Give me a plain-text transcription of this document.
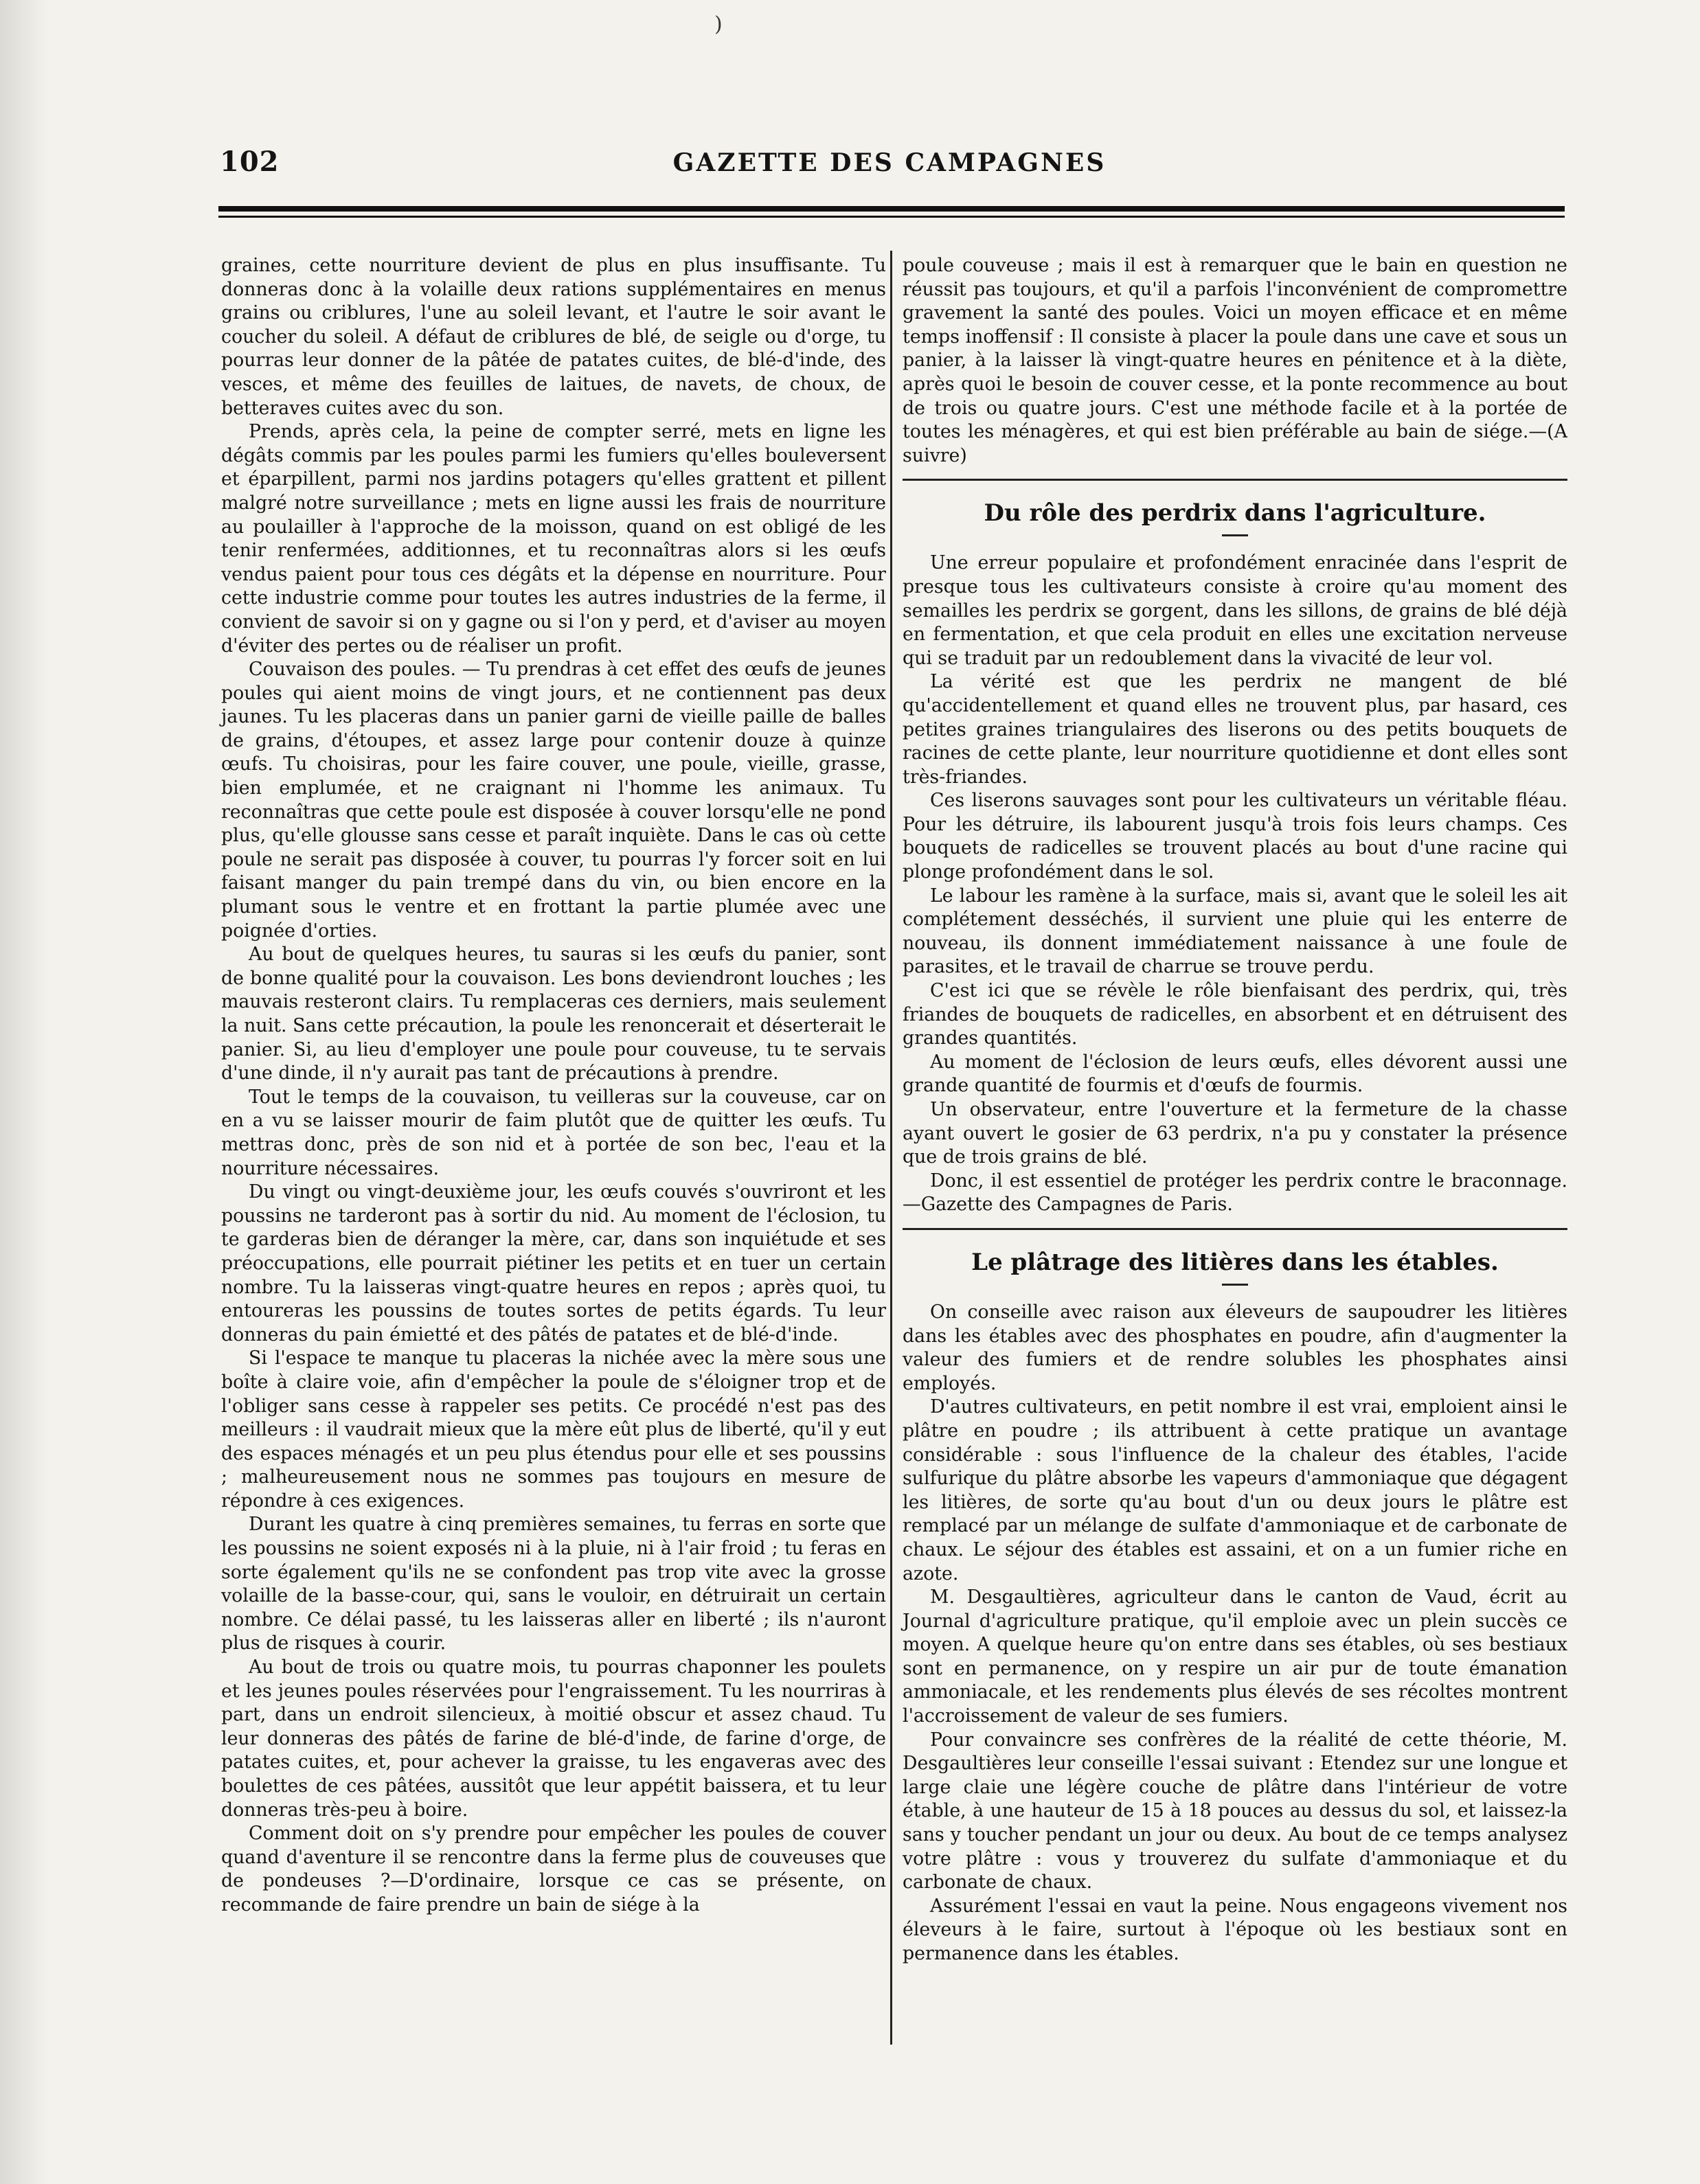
)
102	GAZETTE DES CAMPAGNES

graines, cette nourriture devient de plus en plus insuffisante. Tu donneras donc à la volaille deux rations supplémentaires en menus grains ou criblures, l'une au soleil levant, et l'autre le soir avant le coucher du soleil. A défaut de criblures de blé, de seigle ou d'orge, tu pourras leur donner de la pâtée de patates cuites, de blé-d'inde, des vesces, et même des feuilles de laitues, de navets, de choux, de betteraves cuites avec du son.

Prends, après cela, la peine de compter serré, mets en ligne les dégâts commis par les poules parmi les fumiers qu'elles bouleversent et éparpillent, parmi nos jardins potagers qu'elles grattent et pillent malgré notre surveillance ; mets en ligne aussi les frais de nourriture au poulailler à l'approche de la moisson, quand on est obligé de les tenir renfermées, additionnes, et tu reconnaîtras alors si les œufs vendus paient pour tous ces dégâts et la dépense en nourriture. Pour cette industrie comme pour toutes les autres industries de la ferme, il convient de savoir si on y gagne ou si l'on y perd, et d'aviser au moyen d'éviter des pertes ou de réaliser un profit.

Couvaison des poules. — Tu prendras à cet effet des œufs de jeunes poules qui aient moins de vingt jours, et ne contiennent pas deux jaunes. Tu les placeras dans un panier garni de vieille paille de balles de grains, d'étoupes, et assez large pour contenir douze à quinze œufs. Tu choisiras, pour les faire couver, une poule, vieille, grasse, bien emplumée, et ne craignant ni l'homme les animaux. Tu reconnaîtras que cette poule est disposée à couver lorsqu'elle ne pond plus, qu'elle glousse sans cesse et paraît inquiète. Dans le cas où cette poule ne serait pas disposée à couver, tu pourras l'y forcer soit en lui faisant manger du pain trempé dans du vin, ou bien encore en la plumant sous le ventre et en frottant la partie plumée avec une poignée d'orties.

Au bout de quelques heures, tu sauras si les œufs du panier, sont de bonne qualité pour la couvaison. Les bons deviendront louches ; les mauvais resteront clairs. Tu remplaceras ces derniers, mais seulement la nuit. Sans cette précaution, la poule les renoncerait et déserterait le panier. Si, au lieu d'employer une poule pour couveuse, tu te servais d'une dinde, il n'y aurait pas tant de précautions à prendre.

Tout le temps de la couvaison, tu veilleras sur la couveuse, car on en a vu se laisser mourir de faim plutôt que de quitter les œufs. Tu mettras donc, près de son nid et à portée de son bec, l'eau et la nourriture nécessaires.

Du vingt ou vingt-deuxième jour, les œufs couvés s'ouvriront et les poussins ne tarderont pas à sortir du nid. Au moment de l'éclosion, tu te garderas bien de déranger la mère, car, dans son inquiétude et ses préoccupations, elle pourrait piétiner les petits et en tuer un certain nombre. Tu la laisseras vingt-quatre heures en repos ; après quoi, tu entoureras les poussins de toutes sortes de petits égards. Tu leur donneras du pain émietté et des pâtés de patates et de blé-d'inde.

Si l'espace te manque tu placeras la nichée avec la mère sous une boîte à claire voie, afin d'empêcher la poule de s'éloigner trop et de l'obliger sans cesse à rappeler ses petits. Ce procédé n'est pas des meilleurs : il vaudrait mieux que la mère eût plus de liberté, qu'il y eut des espaces ménagés et un peu plus étendus pour elle et ses poussins ; malheureusement nous ne sommes pas toujours en mesure de répondre à ces exigences.

Durant les quatre à cinq premières semaines, tu ferras en sorte que les poussins ne soient exposés ni à la pluie, ni à l'air froid ; tu feras en sorte également qu'ils ne se confondent pas trop vite avec la grosse volaille de la basse-cour, qui, sans le vouloir, en détruirait un certain nombre. Ce délai passé, tu les laisseras aller en liberté ; ils n'auront plus de risques à courir.

Au bout de trois ou quatre mois, tu pourras chaponner les poulets et les jeunes poules réservées pour l'engraissement. Tu les nourriras à part, dans un endroit silencieux, à moitié obscur et assez chaud. Tu leur donneras des pâtés de farine de blé-d'inde, de farine d'orge, de patates cuites, et, pour achever la graisse, tu les engaveras avec des boulettes de ces pâtées, aussitôt que leur appétit baissera, et tu leur donneras très-peu à boire.

Comment doit on s'y prendre pour empêcher les poules de couver quand d'aventure il se rencontre dans la ferme plus de couveuses que de pondeuses ?—D'ordinaire, lorsque ce cas se présente, on recommande de faire prendre un bain de siége à la

poule couveuse ; mais il est à remarquer que le bain en question ne réussit pas toujours, et qu'il a parfois l'inconvénient de compromettre gravement la santé des poules. Voici un moyen efficace et en même temps inoffensif : Il consiste à placer la poule dans une cave et sous un panier, à la laisser là vingt-quatre heures en pénitence et à la diète, après quoi le besoin de couver cesse, et la ponte recommence au bout de trois ou quatre jours. C'est une méthode facile et à la portée de toutes les ménagères, et qui est bien préférable au bain de siége.—(A suivre)

Du rôle des perdrix dans l'agriculture.

Une erreur populaire et profondément enracinée dans l'esprit de presque tous les cultivateurs consiste à croire qu'au moment des semailles les perdrix se gorgent, dans les sillons, de grains de blé déjà en fermentation, et que cela produit en elles une excitation nerveuse qui se traduit par un redoublement dans la vivacité de leur vol.

La vérité est que les perdrix ne mangent de blé qu'accidentellement et quand elles ne trouvent plus, par hasard, ces petites graines triangulaires des liserons ou des petits bouquets de racines de cette plante, leur nourriture quotidienne et dont elles sont très-friandes.

Ces liserons sauvages sont pour les cultivateurs un véritable fléau. Pour les détruire, ils labourent jusqu'à trois fois leurs champs. Ces bouquets de radicelles se trouvent placés au bout d'une racine qui plonge profondément dans le sol.

Le labour les ramène à la surface, mais si, avant que le soleil les ait complétement desséchés, il survient une pluie qui les enterre de nouveau, ils donnent immédiatement naissance à une foule de parasites, et le travail de charrue se trouve perdu.

C'est ici que se révèle le rôle bienfaisant des perdrix, qui, très friandes de bouquets de radicelles, en absorbent et en détruisent des grandes quantités.

Au moment de l'éclosion de leurs œufs, elles dévorent aussi une grande quantité de fourmis et d'œufs de fourmis.

Un observateur, entre l'ouverture et la fermeture de la chasse ayant ouvert le gosier de 63 perdrix, n'a pu y constater la présence que de trois grains de blé.

Donc, il est essentiel de protéger les perdrix contre le braconnage.—Gazette des Campagnes de Paris.

Le plâtrage des litières dans les étables.

On conseille avec raison aux éleveurs de saupoudrer les litières dans les étables avec des phosphates en poudre, afin d'augmenter la valeur des fumiers et de rendre solubles les phosphates ainsi employés.

D'autres cultivateurs, en petit nombre il est vrai, emploient ainsi le plâtre en poudre ; ils attribuent à cette pratique un avantage considérable : sous l'influence de la chaleur des étables, l'acide sulfurique du plâtre absorbe les vapeurs d'ammoniaque que dégagent les litières, de sorte qu'au bout d'un ou deux jours le plâtre est remplacé par un mélange de sulfate d'ammoniaque et de carbonate de chaux. Le séjour des étables est assaini, et on a un fumier riche en azote.

M. Desgaultières, agriculteur dans le canton de Vaud, écrit au Journal d'agriculture pratique, qu'il emploie avec un plein succès ce moyen. A quelque heure qu'on entre dans ses étables, où ses bestiaux sont en permanence, on y respire un air pur de toute émanation ammoniacale, et les rendements plus élevés de ses récoltes montrent l'accroissement de valeur de ses fumiers.

Pour convaincre ses confrères de la réalité de cette théorie, M. Desgaultières leur conseille l'essai suivant : Etendez sur une longue et large claie une légère couche de plâtre dans l'intérieur de votre étable, à une hauteur de 15 à 18 pouces au dessus du sol, et laissez-la sans y toucher pendant un jour ou deux. Au bout de ce temps analysez votre plâtre : vous y trouverez du sulfate d'ammoniaque et du carbonate de chaux.

Assurément l'essai en vaut la peine. Nous engageons vivement nos éleveurs à le faire, surtout à l'époque où les bestiaux sont en permanence dans les étables.
